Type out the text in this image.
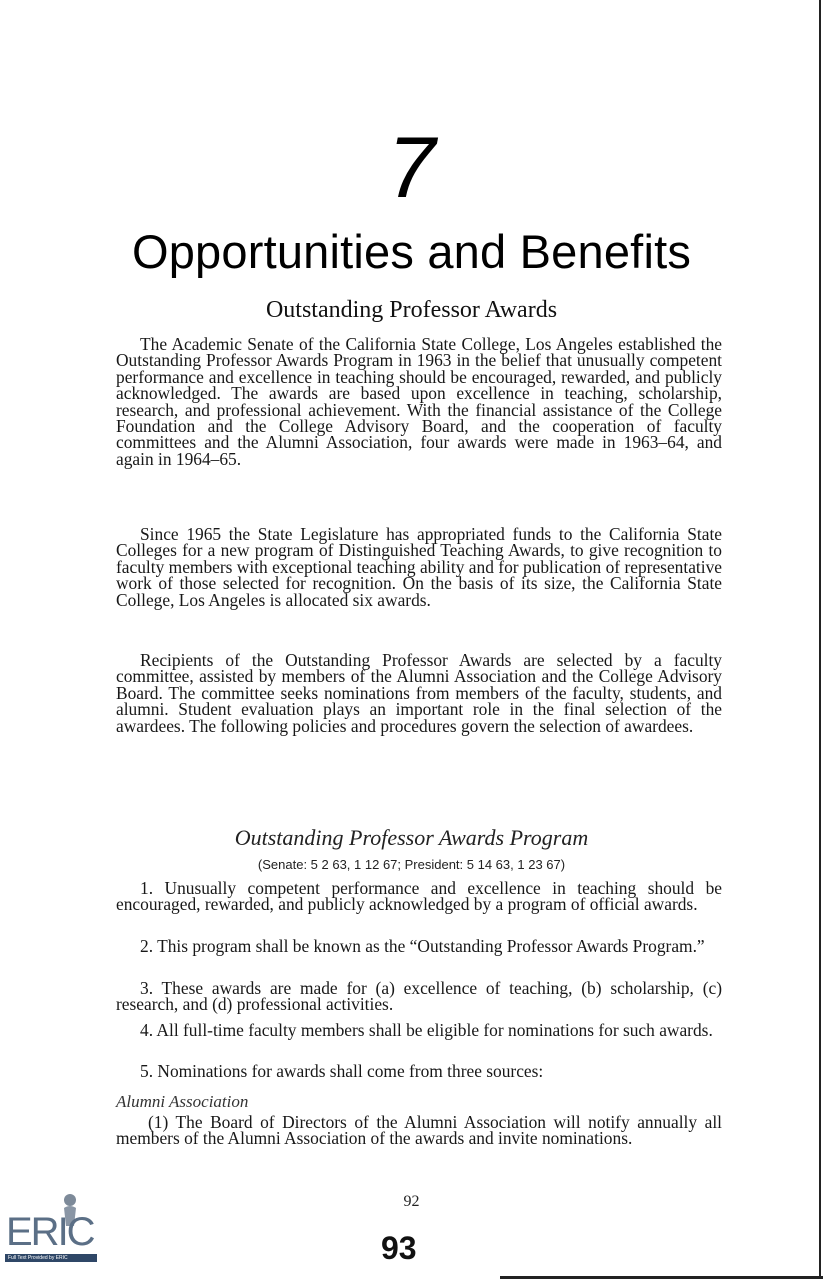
7
Opportunities and Benefits
Outstanding Professor Awards

The Academic Senate of the California State College, Los Angeles established the Outstanding Professor Awards Program in 1963 in the belief that unusually competent performance and excellence in teaching should be encouraged, rewarded, and publicly acknowledged. The awards are based upon excellence in teaching, scholarship, research, and professional achievement. With the financial assistance of the College Foundation and the College Advisory Board, and the cooperation of faculty committees and the Alumni Association, four awards were made in 1963–64, and again in 1964–65.

Since 1965 the State Legislature has appropriated funds to the California State Colleges for a new program of Distinguished Teaching Awards, to give recognition to faculty members with exceptional teaching ability and for publication of representative work of those selected for recognition. On the basis of its size, the California State College, Los Angeles is allocated six awards.

Recipients of the Outstanding Professor Awards are selected by a faculty committee, assisted by members of the Alumni Association and the College Advisory Board. The committee seeks nominations from members of the faculty, students, and alumni. Student evaluation plays an important role in the final selection of the awardees. The following policies and procedures govern the selection of awardees.

Outstanding Professor Awards Program
(Senate: 5 2 63, 1 12 67; President: 5 14 63, 1 23 67)

1. Unusually competent performance and excellence in teaching should be encouraged, rewarded, and publicly acknowledged by a program of official awards.

2. This program shall be known as the “Outstanding Professor Awards Program.”

3. These awards are made for (a) excellence of teaching, (b) scholarship, (c) research, and (d) professional activities.

4. All full-time faculty members shall be eligible for nominations for such awards.

5. Nominations for awards shall come from three sources:

Alumni Association

(1) The Board of Directors of the Alumni Association will notify annually all members of the Alumni Association of the awards and invite nominations.

ERIC
Full Text Provided by ERIC
92
93
